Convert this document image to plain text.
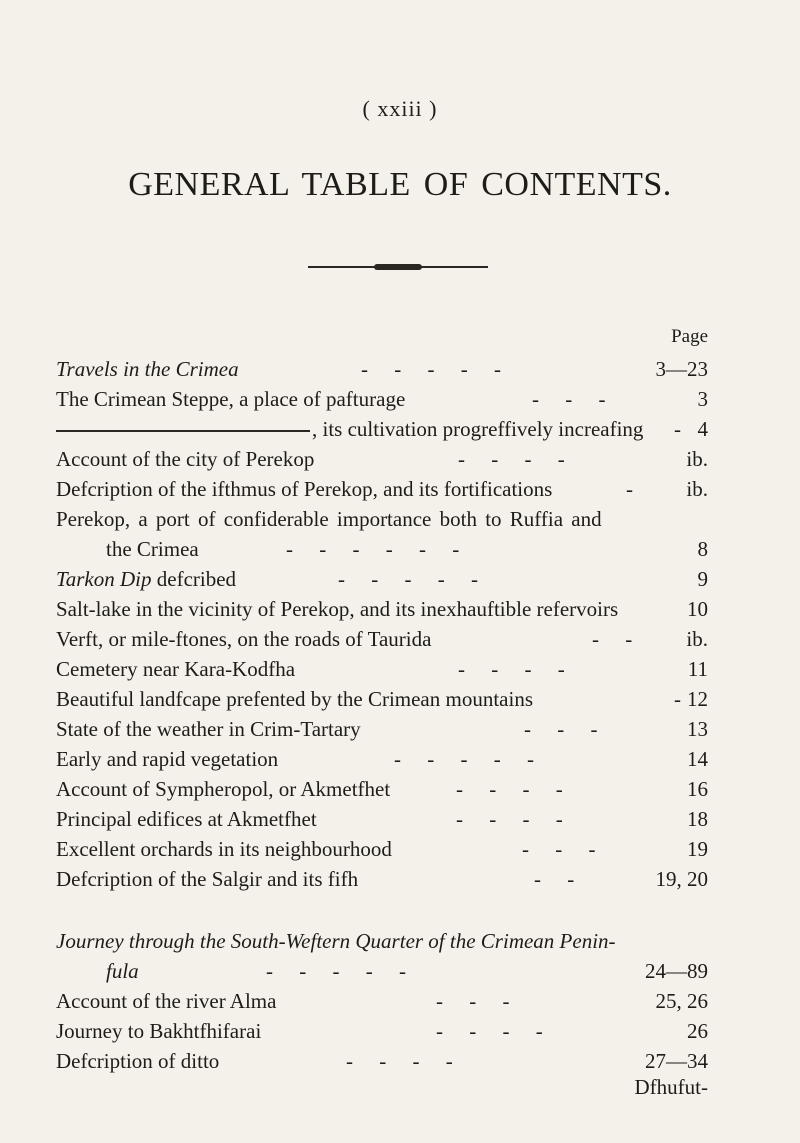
( xxiii )
GENERAL TABLE OF CONTENTS.
Page
Travels in the Crimea	-     -     -     -     -	3—23
The Crimean Steppe, a place of pafturage	-     -     -	3
, its cultivation progreffively increafing - 4
Account of the city of Perekop	-     -     -     -	ib.
Defcription of the ifthmus of Perekop, and its fortifications	-	ib.
Perekop, a port of confiderable importance both to Ruffia and
the Crimea	-     -     -     -     -     -	8
Tarkon Dip defcribed	-     -     -     -     -	9
Salt-lake in the vicinity of Perekop, and its inexhauftible refervoirs	10
Verft, or mile-ftones, on the roads of Taurida	-     -	ib.
Cemetery near Kara-Kodfha	-     -     -     -	11
Beautiful landfcape prefented by the Crimean mountains	- 12
State of the weather in Crim-Tartary	-     -     -	13
Early and rapid vegetation	-     -     -     -     -	14
Account of Sympheropol, or Akmetfhet	-     -     -     -	16
Principal edifices at Akmetfhet	-     -     -     -	18
Excellent orchards in its neighbourhood	-     -     -	19
Defcription of the Salgir and its fifh	-     -	19, 20
Journey through the South-Weftern Quarter of the Crimean Penin-
fula	-     -     -     -     -	24—89
Account of the river Alma	-     -     -	25, 26
Journey to Bakhtfhifarai	-     -     -     -	26
Defcription of ditto	-     -     -     -	27—34
Dfhufut-
